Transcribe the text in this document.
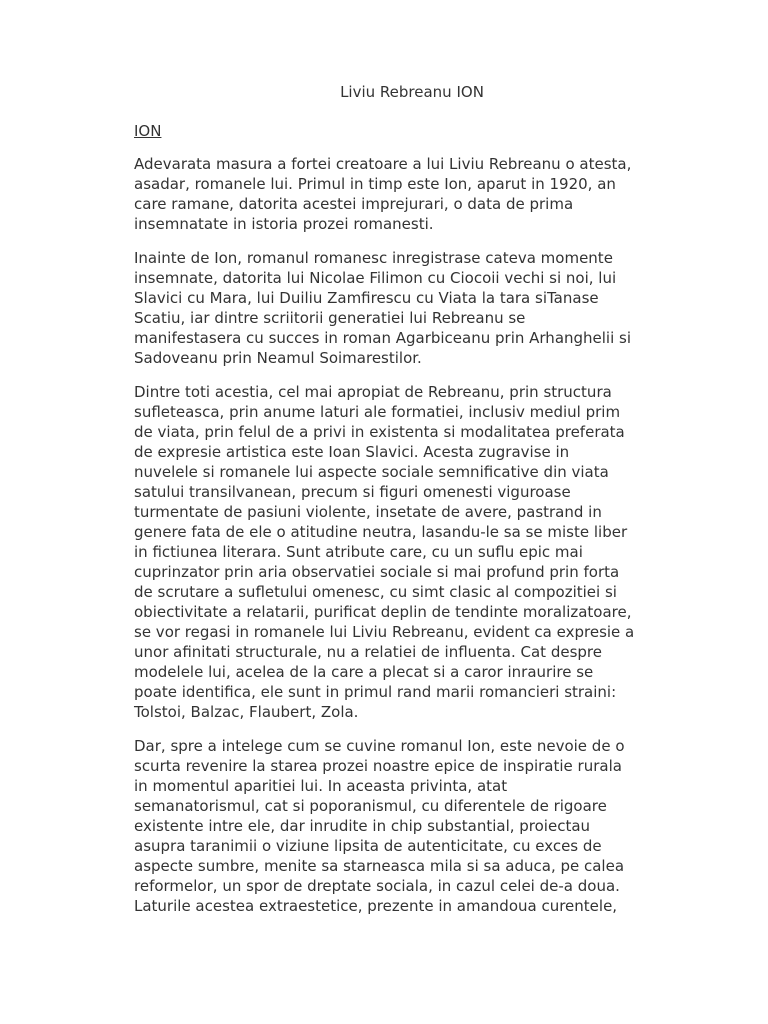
Liviu Rebreanu ION
ION
Adevarata masura a fortei creatoare a lui Liviu Rebreanu o atesta,
asadar, romanele lui. Primul in timp este Ion, aparut in 1920, an
care ramane, datorita acestei imprejurari, o data de prima
insemnatate in istoria prozei romanesti.
Inainte de Ion, romanul romanesc inregistrase cateva momente
insemnate, datorita lui Nicolae Filimon cu Ciocoii vechi si noi, lui
Slavici cu Mara, lui Duiliu Zamfirescu cu Viata la tara siTanase
Scatiu, iar dintre scriitorii generatiei lui Rebreanu se
manifestasera cu succes in roman Agarbiceanu prin Arhanghelii si
Sadoveanu prin Neamul Soimarestilor.
Dintre toti acestia, cel mai apropiat de Rebreanu, prin structura
sufleteasca, prin anume laturi ale formatiei, inclusiv mediul prim
de viata, prin felul de a privi in existenta si modalitatea preferata
de expresie artistica este Ioan Slavici. Acesta zugravise in
nuvelele si romanele lui aspecte sociale semnificative din viata
satului transilvanean, precum si figuri omenesti viguroase
turmentate de pasiuni violente, insetate de avere, pastrand in
genere fata de ele o atitudine neutra, lasandu-le sa se miste liber
in fictiunea literara. Sunt atribute care, cu un suflu epic mai
cuprinzator prin aria observatiei sociale si mai profund prin forta
de scrutare a sufletului omenesc, cu simt clasic al compozitiei si
obiectivitate a relatarii, purificat deplin de tendinte moralizatoare,
se vor regasi in romanele lui Liviu Rebreanu, evident ca expresie a
unor afinitati structurale, nu a relatiei de influenta. Cat despre
modelele lui, acelea de la care a plecat si a caror inraurire se
poate identifica, ele sunt in primul rand marii romancieri straini:
Tolstoi, Balzac, Flaubert, Zola.
Dar, spre a intelege cum se cuvine romanul Ion, este nevoie de o
scurta revenire la starea prozei noastre epice de inspiratie rurala
in momentul aparitiei lui. In aceasta privinta, atat
semanatorismul, cat si poporanismul, cu diferentele de rigoare
existente intre ele, dar inrudite in chip substantial, proiectau
asupra taranimii o viziune lipsita de autenticitate, cu exces de
aspecte sumbre, menite sa starneasca mila si sa aduca, pe calea
reformelor, un spor de dreptate sociala, in cazul celei de-a doua.
Laturile acestea extraestetice, prezente in amandoua curentele,
